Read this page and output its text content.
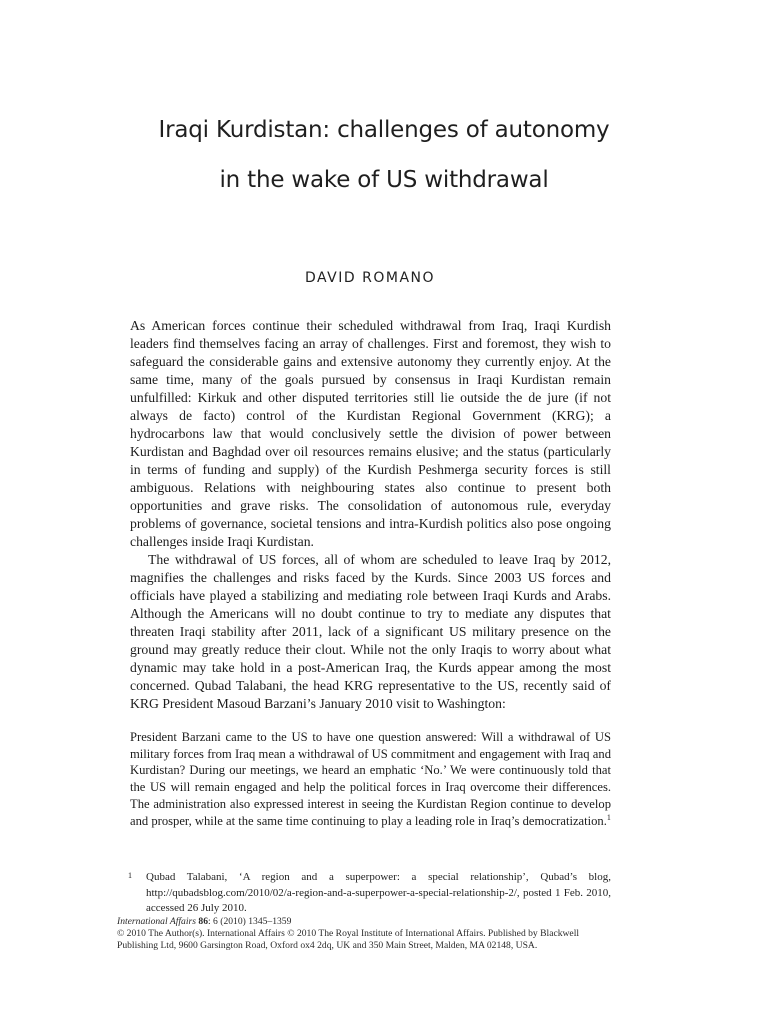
Iraqi Kurdistan: challenges of autonomy
in the wake of US withdrawal
DAVID ROMANO

As American forces continue their scheduled withdrawal from Iraq, Iraqi Kurdish leaders find themselves facing an array of challenges. First and foremost, they wish to safeguard the considerable gains and extensive autonomy they currently enjoy. At the same time, many of the goals pursued by consensus in Iraqi Kurdistan remain unfulfilled: Kirkuk and other disputed territories still lie outside the de jure (if not always de facto) control of the Kurdistan Regional Government (KRG); a hydrocarbons law that would conclusively settle the division of power between Kurdistan and Baghdad over oil resources remains elusive; and the status (particularly in terms of funding and supply) of the Kurdish Peshmerga security forces is still ambiguous. Relations with neighbouring states also continue to present both opportunities and grave risks. The consolidation of autonomous rule, everyday problems of governance, societal tensions and intra-Kurdish politics also pose ongoing challenges inside Iraqi Kurdistan.

The withdrawal of US forces, all of whom are scheduled to leave Iraq by 2012, magnifies the challenges and risks faced by the Kurds. Since 2003 US forces and officials have played a stabilizing and mediating role between Iraqi Kurds and Arabs. Although the Americans will no doubt continue to try to mediate any disputes that threaten Iraqi stability after 2011, lack of a significant US military presence on the ground may greatly reduce their clout. While not the only Iraqis to worry about what dynamic may take hold in a post-American Iraq, the Kurds appear among the most concerned. Qubad Talabani, the head KRG representative to the US, recently said of KRG President Masoud Barzani’s January 2010 visit to Washington:

President Barzani came to the US to have one question answered: Will a withdrawal of US military forces from Iraq mean a withdrawal of US commitment and engagement with Iraq and Kurdistan? During our meetings, we heard an emphatic ‘No.’ We were continuously told that the US will remain engaged and help the political forces in Iraq overcome their differences. The administration also expressed interest in seeing the Kurdistan Region continue to develop and prosper, while at the same time continuing to play a leading role in Iraq’s democratization.$^1$
1 Qubad Talabani, ‘A region and a superpower: a special relationship’, Qubad’s blog, http://qubadsblog.com/2010/02/a-region-and-a-superpower-a-special-relationship-2/, posted 1 Feb. 2010, accessed 26 July 2010.
International Affairs 86: 6 (2010) 1345–1359
© 2010 The Author(s). International Affairs © 2010 The Royal Institute of International Affairs. Published by Blackwell Publishing Ltd, 9600 Garsington Road, Oxford ox4 2dq, UK and 350 Main Street, Malden, MA 02148, USA.
